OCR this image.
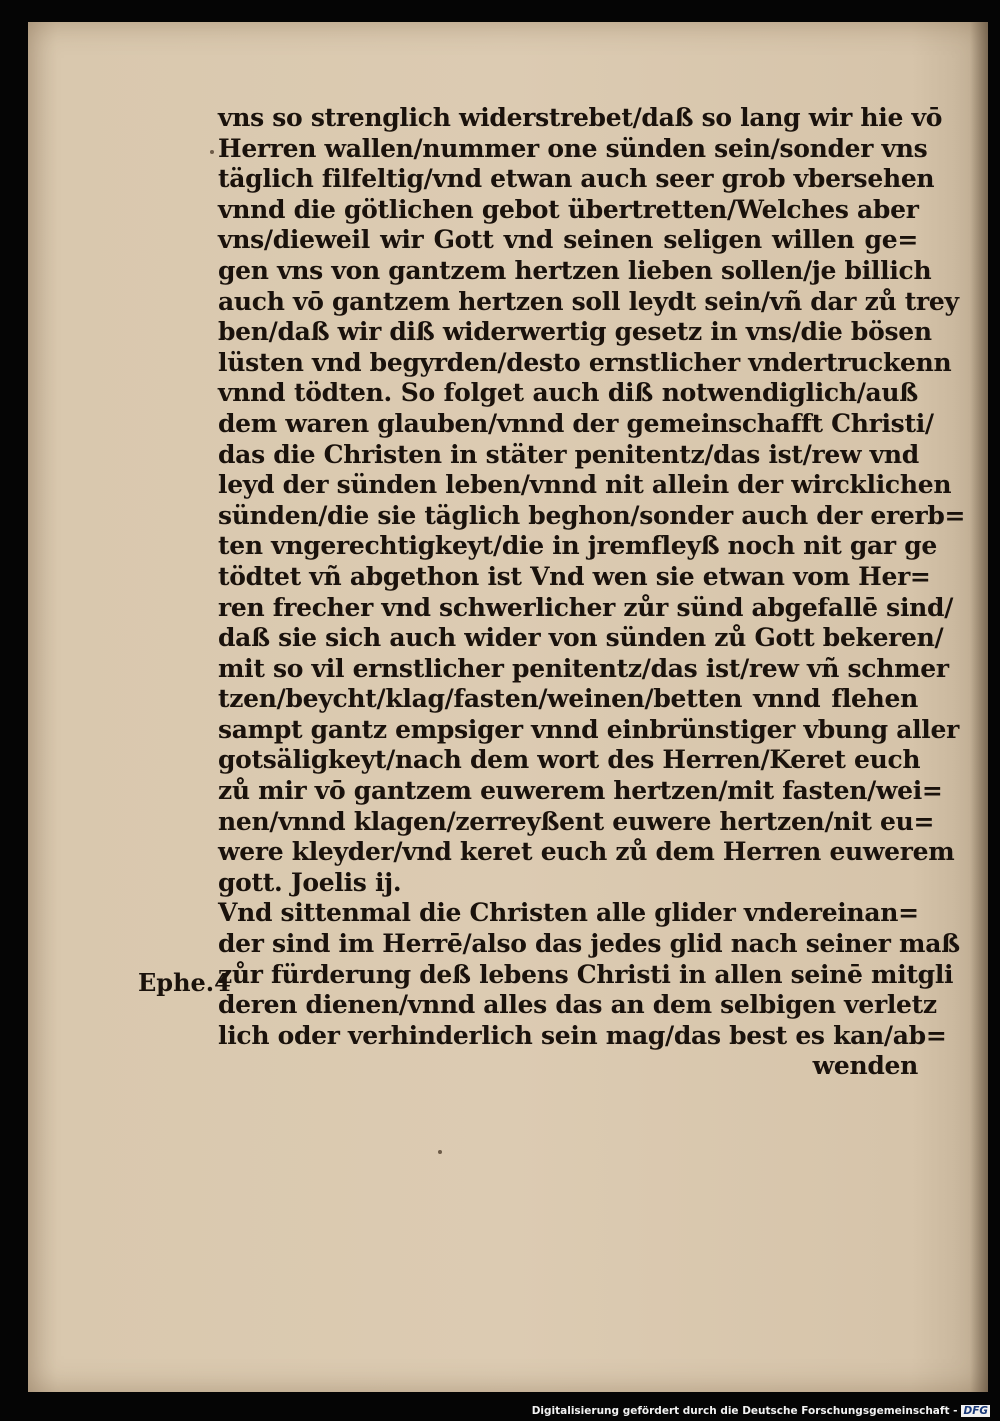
vns so strenglich widerstrebet/daß so lang wir hie vō
Herren wallen/nummer one sünden sein/sonder vns
täglich filfeltig/vnd etwan auch seer grob vbersehen
vnnd die götlichen gebot übertretten/Welches aber
vns/dieweil wir Gott vnd seinen seligen willen ge=
gen vns von gantzem hertzen lieben sollen/je billich
auch vō gantzem hertzen soll leydt sein/vñ dar zů trey
ben/daß wir diß widerwertig gesetz in vns/die bösen
lüsten vnd begyrden/desto ernstlicher vndertruckenn
vnnd tödten. So folget auch diß notwendiglich/auß
dem waren glauben/vnnd der gemeinschafft Christi/
das die Christen in stäter penitentz/das ist/rew vnd
leyd der sünden leben/vnnd nit allein der wircklichen
sünden/die sie täglich beghon/sonder auch der ererb=
ten vngerechtigkeyt/die in jremfleyß noch nit gar ge
tödtet vñ abgethon ist Vnd wen sie etwan vom Her=
ren frecher vnd schwerlicher zůr sünd abgefallē sind/
daß sie sich auch wider von sünden zů Gott bekeren/
mit so vil ernstlicher penitentz/das ist/rew vñ schmer
tzen/beycht/klag/fasten/weinen/betten vnnd flehen
sampt gantz empsiger vnnd einbrünstiger vbung aller
gotsäligkeyt/nach dem wort des Herren/Keret euch
zů mir vō gantzem euwerem hertzen/mit fasten/wei=
nen/vnnd klagen/zerreyßent euwere hertzen/nit eu=
were kleyder/vnd keret euch zů dem Herren euwerem
gott. Joelis ij.
Vnd sittenmal die Christen alle glider vndereinan=
der sind im Herrē/also das jedes glid nach seiner maß
zůr fürderung deß lebens Christi in allen seinē mitgli
deren dienen/vnnd alles das an dem selbigen verletz
lich oder verhinderlich sein mag/das best es kan/ab=
wenden
Ephe.4
Digitalisierung gefördert durch die Deutsche Forschungsgemeinschaft - DFG
